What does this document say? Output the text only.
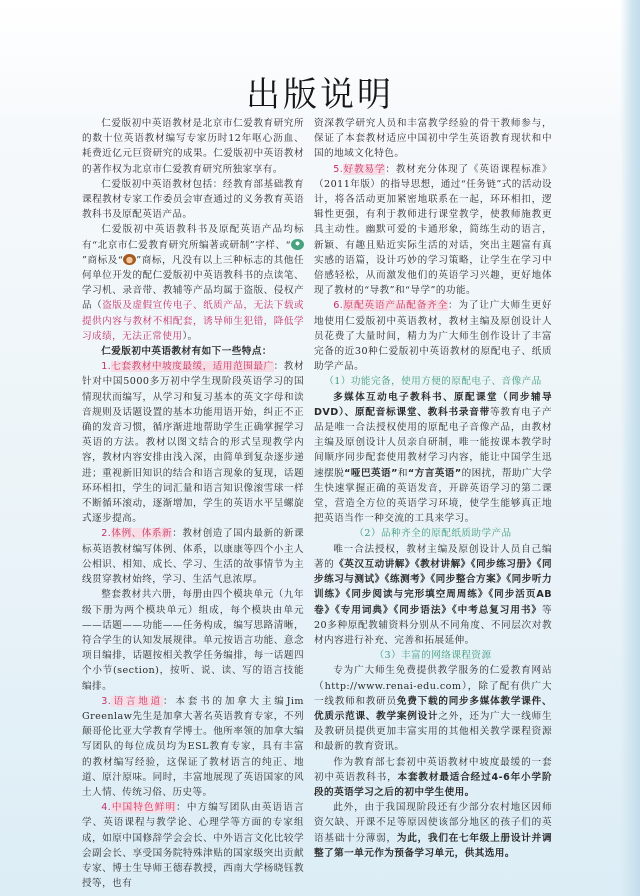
出版说明

仁爱版初中英语教材是北京市仁爱教育研究所的数十位英语教材编写专家历时12年呕心沥血、耗费近亿元巨资研究的成果。仁爱版初中英语教材的著作权为北京市仁爱教育研究所独家享有。

仁爱版初中英语教材包括：经教育部基础教育课程教材专家工作委员会审查通过的义务教育英语教科书及原配英语产品。

仁爱版初中英语教科书及原配英语产品均标有“北京市仁爱教育研究所编著或研制”字样、“”商标及“ ”商标，凡没有以上三种标志的其他任何单位开发的配仁爱版初中英语教科书的点读笔、学习机、录音带、教辅等产品均属于盗版、侵权产品（盗版及虚假宣传电子、纸质产品，无法下载或提供内容与教材不相配套，诱导师生犯错，降低学习成绩，无法正常使用）。

仁爱版初中英语教材有如下一些特点：

1.七套教材中坡度最缓，适用范围最广：教材针对中国5000多万初中学生现阶段英语学习的国情现状而编写，从学习和复习基本的英文字母和读音规则及话题设置的基本功能用语开始，纠正不正确的发音习惯，循序渐进地帮助学生正确掌握学习英语的方法。教材以图文结合的形式呈现教学内容，教材内容安排由浅入深，由简单到复杂逐步递进；重视新旧知识的结合和语言现象的复现，话题环环相扣，学生的词汇量和语言知识像滚雪球一样不断循环滚动，逐渐增加，学生的英语水平呈螺旋式逐步提高。

2.体例、体系新：教材创造了国内最新的新课标英语教材编写体例、体系，以康康等四个小主人公相识、相知、成长、学习、生活的故事情节为主线贯穿教材始终，学习、生活气息浓厚。

整套教材共六册，每册由四个模块单元（九年级下册为两个模块单元）组成，每个模块由单元——话题——功能——任务构成，编写思路清晰，符合学生的认知发展规律。单元按语言功能、意念项目编排，话题按相关教学任务编排，每一话题四个小节(section)，按听、说、读、写的语言技能编排。

3.语言地道：本套书的加拿大主编Jim Greenlaw先生是加拿大著名英语教育专家，不列颠哥伦比亚大学教育学博士。他所率领的加拿大编写团队的每位成员均为ESL教育专家，具有丰富的教材编写经验，这保证了教材语言的纯正、地道、原汁原味。同时，丰富地展现了英语国家的风土人情、传统习俗、历史等。

4.中国特色鲜明：中方编写团队由英语语言学、英语课程与教学论、心理学等方面的专家组成，如原中国修辞学会会长、中外语言文化比较学会副会长、享受国务院特殊津贴的国家级突出贡献专家、博士生导师王德春教授，西南大学杨晓钰教授等，也有

资深教学研究人员和丰富教学经验的骨干教师参与，保证了本套教材适应中国初中学生英语教育现状和中国的地域文化特色。

5.好教易学：教材充分体现了《英语课程标准》（2011年版）的指导思想，通过“任务链”式的活动设计，将各活动更加紧密地联系在一起，环环相扣，逻辑性更强，有利于教师进行课堂教学，使教师施教更具主动性。幽默可爱的卡通形象，简练生动的语言，新颖、有趣且贴近实际生活的对话，突出主题富有真实感的语篇，设计巧妙的学习策略，让学生在学习中倍感轻松，从而激发他们的英语学习兴趣，更好地体现了教材的“导教”和“导学”的功能。

6.原配英语产品配备齐全：为了让广大师生更好地使用仁爱版初中英语教材，教材主编及原创设计人员花费了大量时间，精力为广大师生创作设计了丰富完备的近30种仁爱版初中英语教材的原配电子、纸质助学产品。

（1）功能完备，使用方便的原配电子、音像产品

多媒体互动电子教科书、原配课堂（同步辅导DVD）、原配音标课堂、教科书录音带等教育电子产品是唯一合法授权使用的原配电子音像产品，由教材主编及原创设计人员亲自研制，唯一能按课本教学时间顺序同步配套使用教材学习内容，能让中国学生迅速摆脱“哑巴英语”和“方言英语”的困扰，帮助广大学生快速掌握正确的英语发音，开辟英语学习的第二课堂，营造全方位的英语学习环境，使学生能够真正地把英语当作一种交流的工具来学习。

（2）品种齐全的原配纸质助学产品

唯一合法授权，教材主编及原创设计人员自己编著的《英汉互动讲解》《教材讲解》《同步练习册》《同步练习与测试》《练测考》《同步整合方案》《同步听力训练》《同步阅读与完形填空周周练》《同步活页AB卷》《专用词典》《同步语法》《中考总复习用书》等20多种原配教辅资料分别从不同角度、不同层次对教材内容进行补充、完善和拓展延伸。

（3）丰富的网络课程资源

专为广大师生免费提供教学服务的仁爱教育网站（http://www.renai-edu.com），除了配有供广大一线教师和教研员免费下载的同步多媒体教学课件、优质示范课、教学案例设计之外，还为广大一线师生及教研员提供更加丰富实用的其他相关教学课程资源和最新的教育资讯。

作为教育部七套初中英语教材中坡度最缓的一套初中英语教科书，本套教材最适合经过4-6年小学阶段的英语学习之后的初中学生使用。

此外，由于我国现阶段还有少部分农村地区因师资欠缺、开课不足等原因使该部分地区的孩子们的英语基础十分薄弱，为此，我们在七年级上册设计并调整了第一单元作为预备学习单元，供其选用。
